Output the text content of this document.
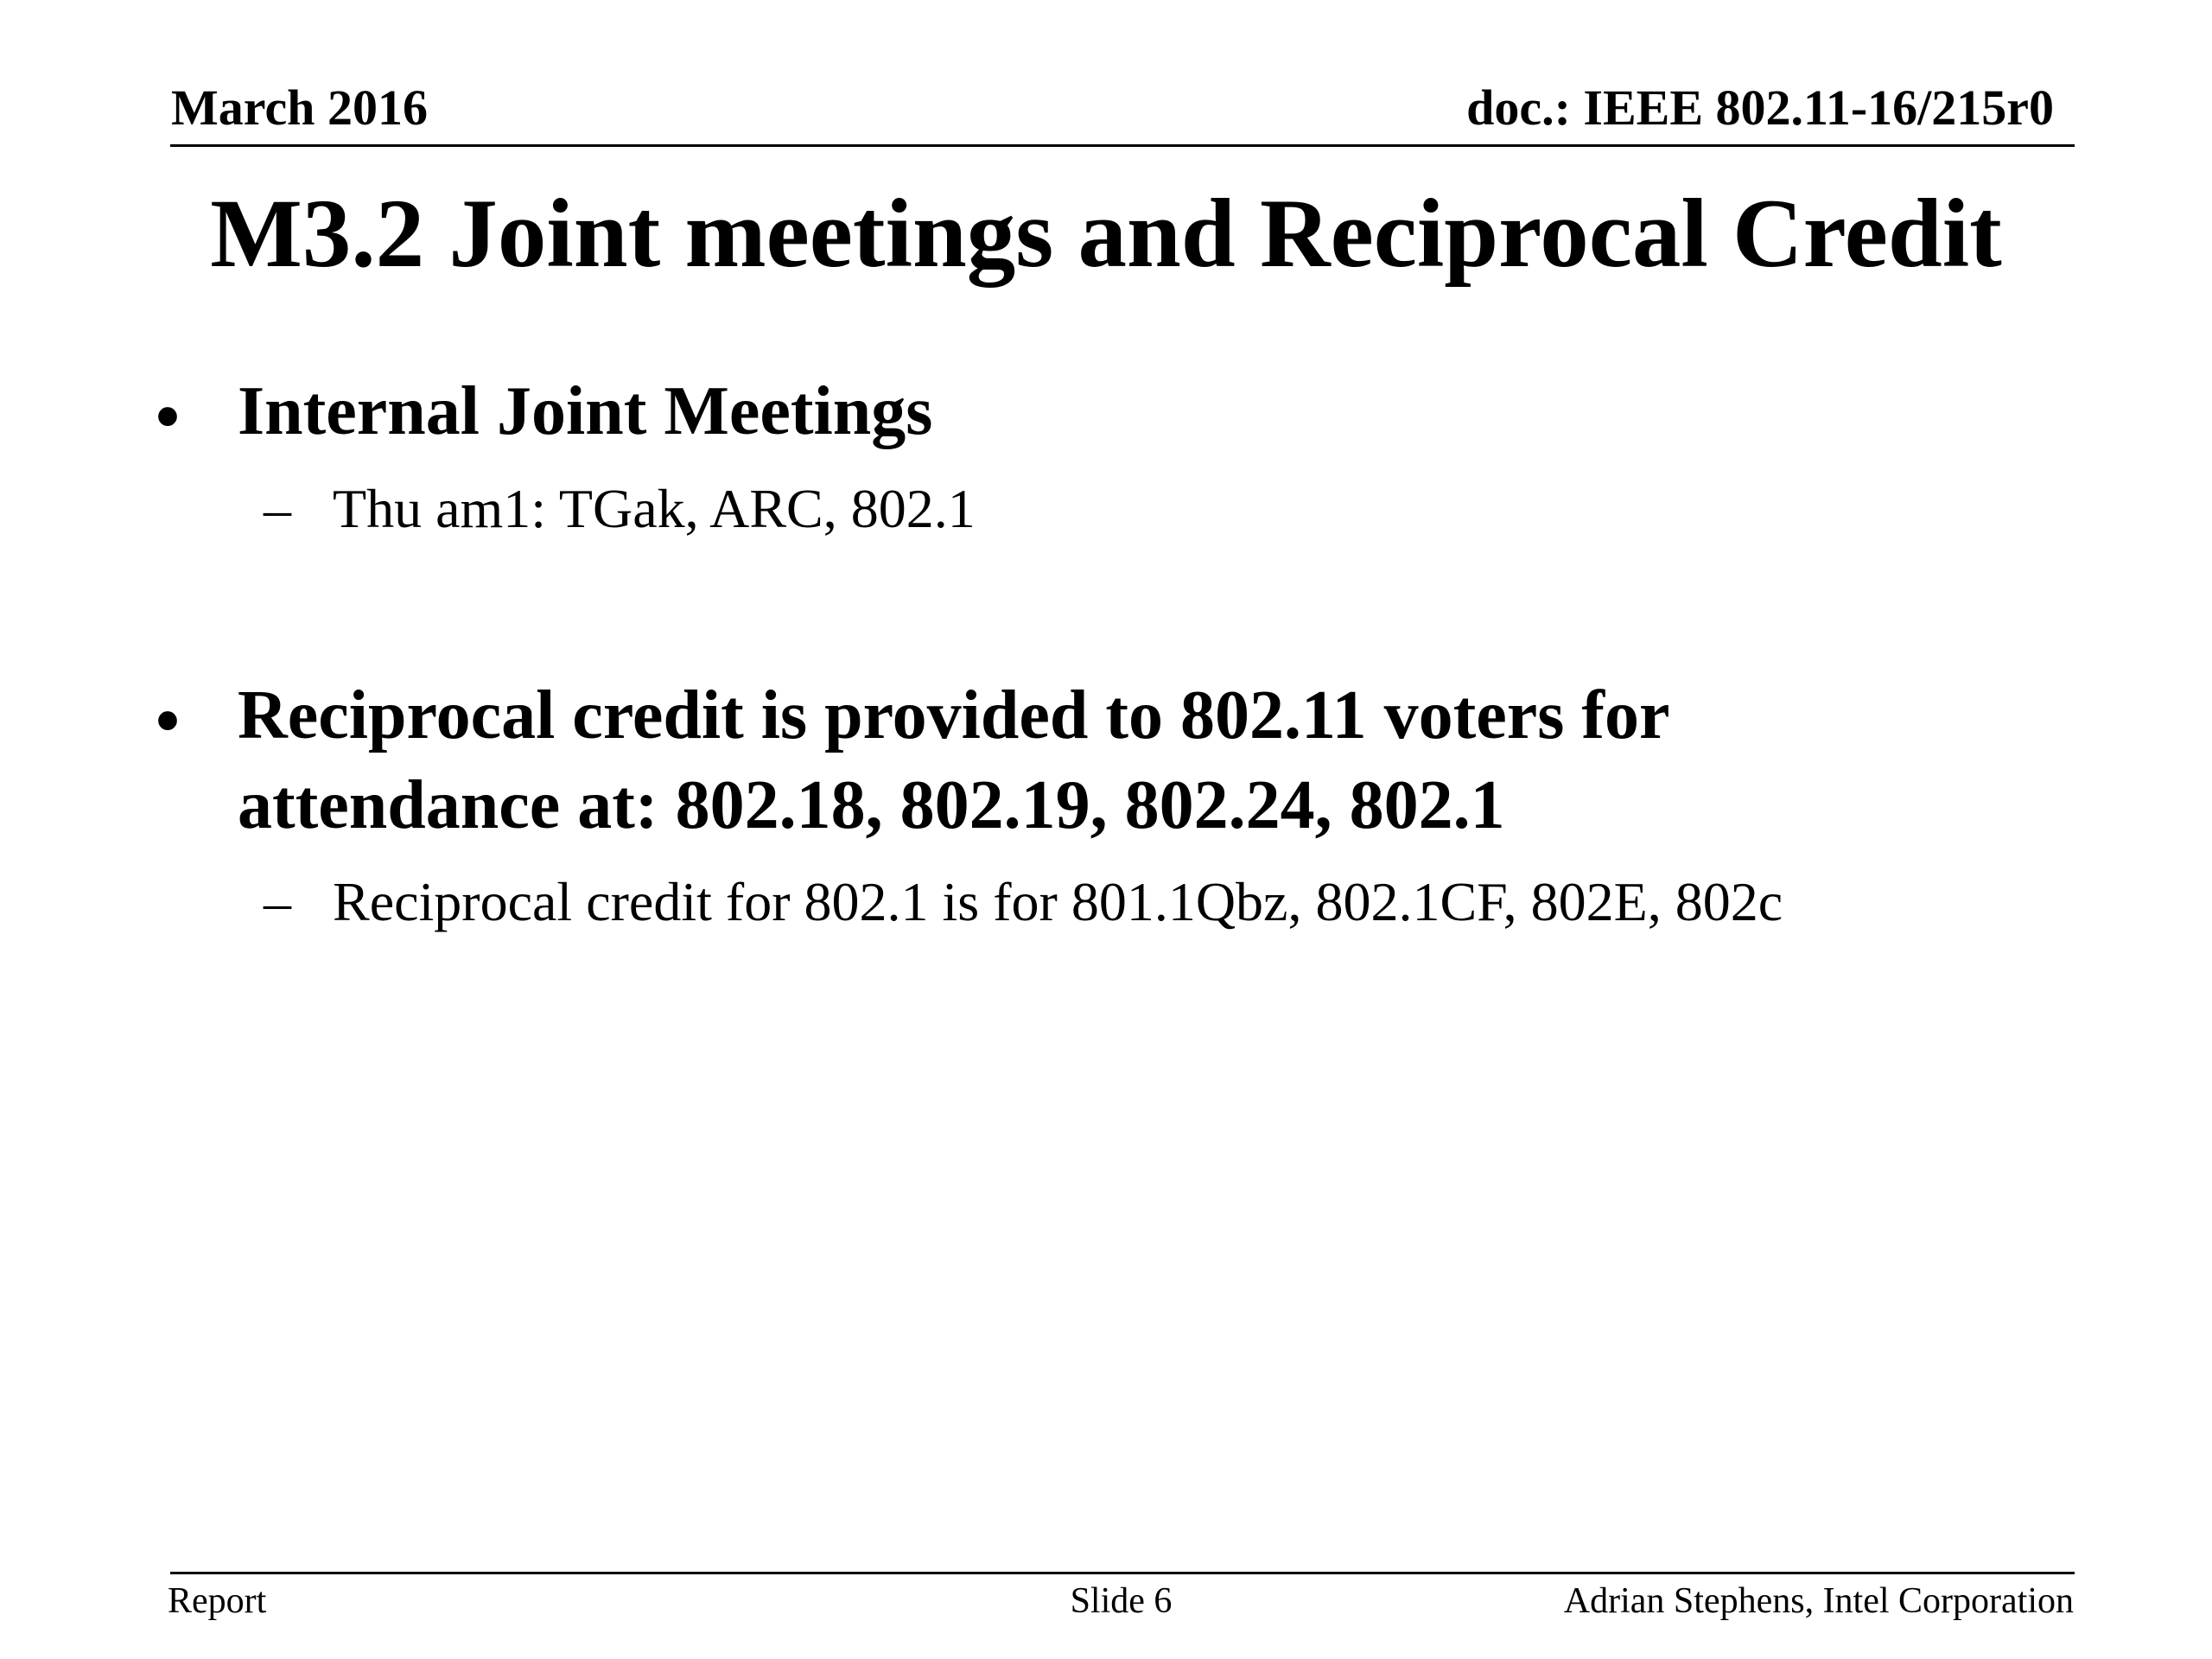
March 2016	doc.: IEEE 802.11-16/215r0
M3.2 Joint meetings and Reciprocal Credit
• Internal Joint Meetings
– Thu am1: TGak, ARC, 802.1
• Reciprocal credit is provided to 802.11 voters for
attendance at: 802.18, 802.19, 802.24, 802.1
– Reciprocal credit for 802.1 is for 801.1Qbz, 802.1CF, 802E, 802c
Report	Slide 6	Adrian Stephens, Intel Corporation
